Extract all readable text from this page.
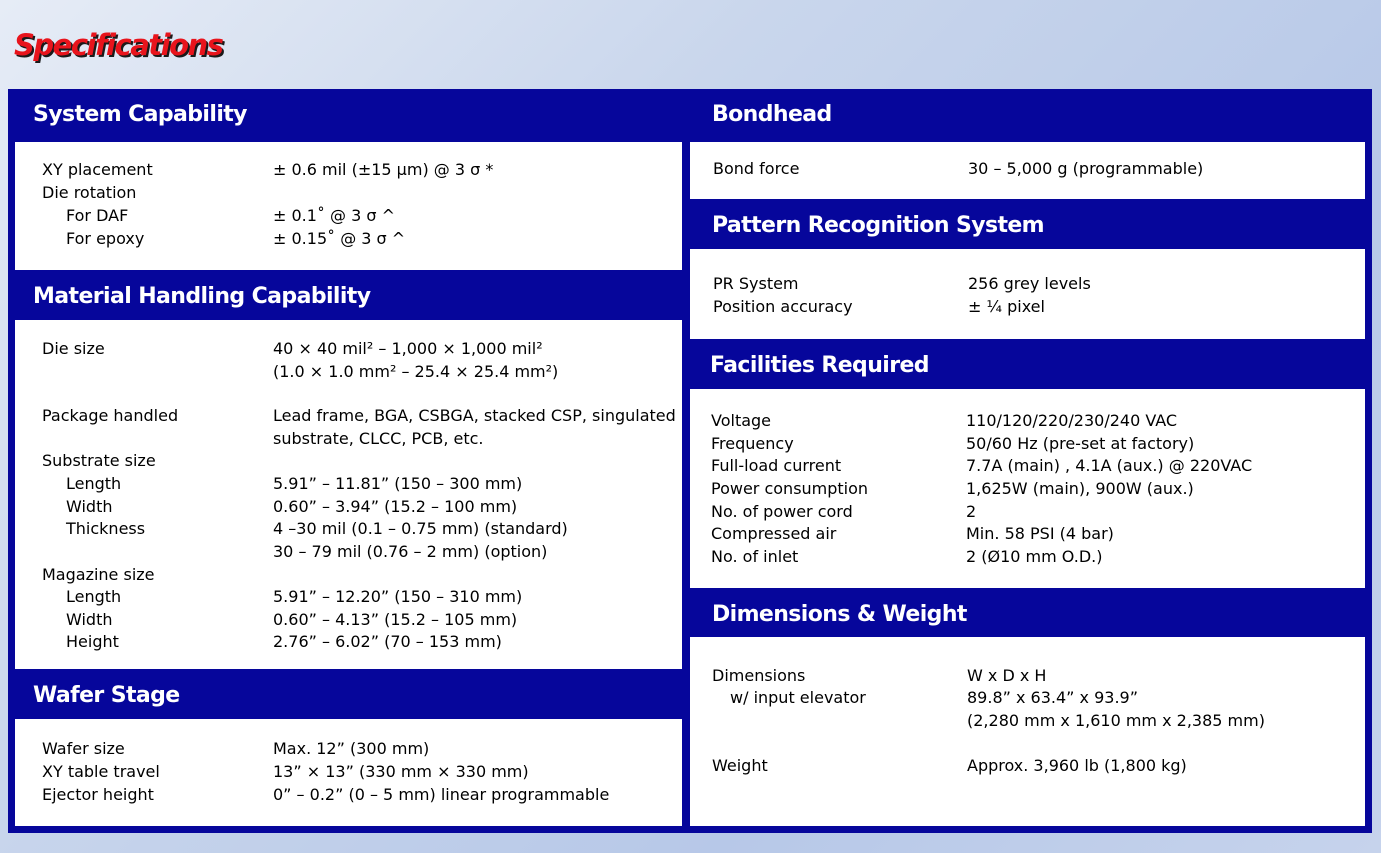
Specifications
System Capability
XY placement	± 0.6 mil (±15 µm) @ 3 σ *
Die rotation
For DAF	± 0.1˚ @ 3 σ ^
For epoxy	± 0.15˚ @ 3 σ ^
Material Handling Capability
Die size	40 × 40 mil² – 1,000 × 1,000 mil²
(1.0 × 1.0 mm² – 25.4 × 25.4 mm²)
Package handled	Lead frame, BGA, CSBGA, stacked CSP, singulated
substrate, CLCC, PCB, etc.
Substrate size
Length	5.91” – 11.81” (150 – 300 mm)
Width	0.60” – 3.94” (15.2 – 100 mm)
Thickness	4 –30 mil (0.1 – 0.75 mm) (standard)
30 – 79 mil (0.76 – 2 mm) (option)
Magazine size
Length	5.91” – 12.20” (150 – 310 mm)
Width	0.60” – 4.13” (15.2 – 105 mm)
Height	2.76” – 6.02” (70 – 153 mm)
Wafer Stage
Wafer size	Max. 12” (300 mm)
XY table travel	13” × 13” (330 mm × 330 mm)
Ejector height	0” – 0.2” (0 – 5 mm) linear programmable
Bondhead
Bond force	30 – 5,000 g (programmable)
Pattern Recognition System
PR System	256 grey levels
Position accuracy	± ¼ pixel
Facilities Required
Voltage	110/120/220/230/240 VAC
Frequency	50/60 Hz (pre-set at factory)
Full-load current	7.7A (main) , 4.1A (aux.) @ 220VAC
Power consumption	1,625W (main), 900W (aux.)
No. of power cord	2
Compressed air	Min. 58 PSI (4 bar)
No. of inlet	2 (Ø10 mm O.D.)
Dimensions & Weight
Dimensions	W x D x H
w/ input elevator	89.8” x 63.4” x 93.9”
(2,280 mm x 1,610 mm x 2,385 mm)
Weight	Approx. 3,960 lb (1,800 kg)
